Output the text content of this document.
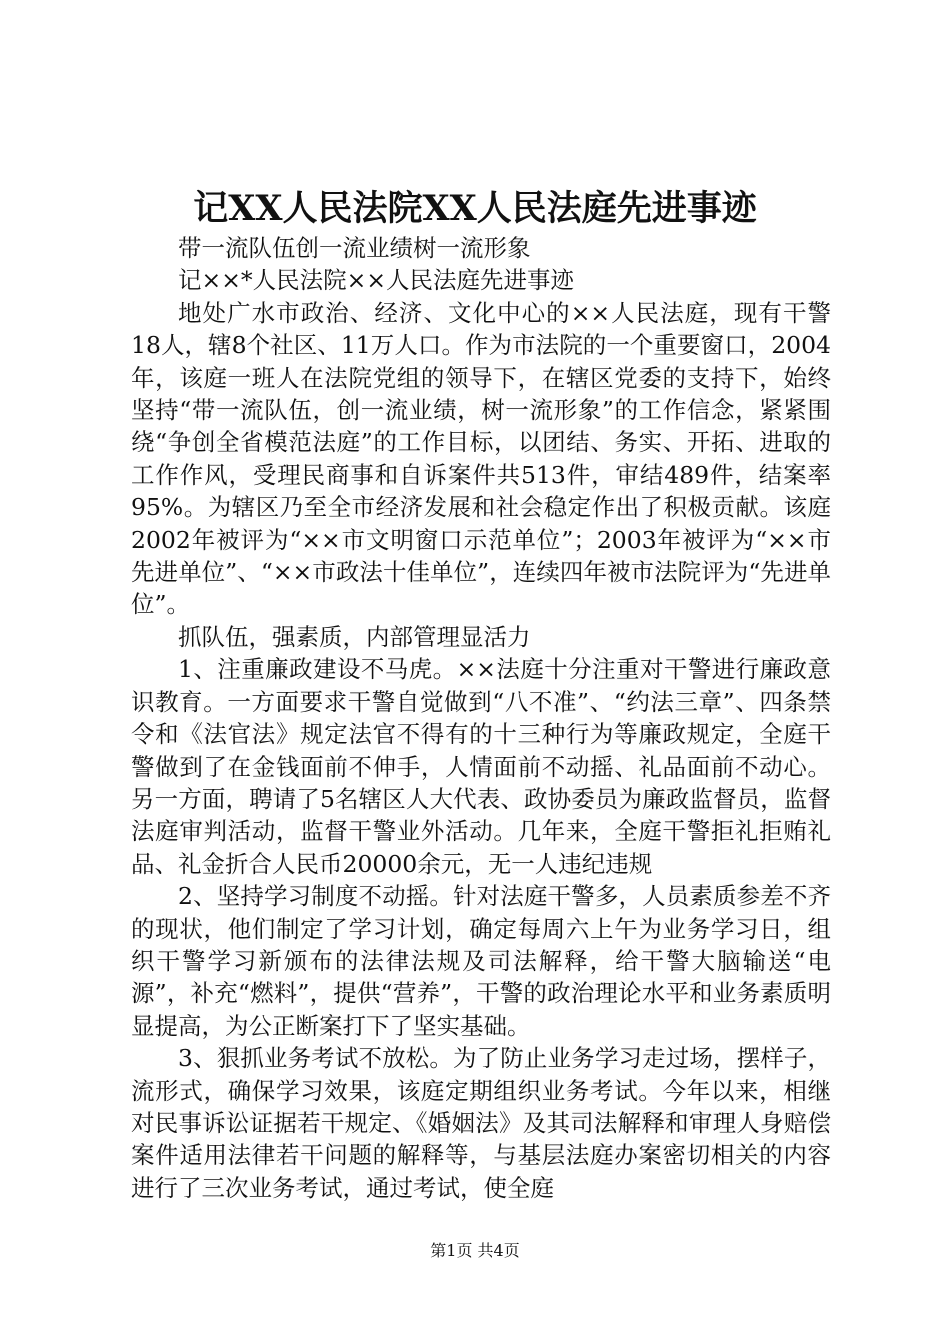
记XX人民法院XX人民法庭先进事迹

带一流队伍创一流业绩树一流形象

记××*人民法院××人民法庭先进事迹

地处广水市政治、经济、文化中心的××人民法庭，现有干警18人，辖8个社区、11万人口。作为市法院的一个重要窗口，2004年，该庭一班人在法院党组的领导下，在辖区党委的支持下，始终坚持“带一流队伍，创一流业绩，树一流形象”的工作信念，紧紧围绕“争创全省模范法庭”的工作目标，以团结、务实、开拓、进取的工作作风，受理民商事和自诉案件共513件，审结489件，结案率95%。为辖区乃至全市经济发展和社会稳定作出了积极贡献。该庭2002年被评为“××市文明窗口示范单位”；2003年被评为“××市先进单位”、“××市政法十佳单位”，连续四年被市法院评为“先进单位”。

抓队伍，强素质，内部管理显活力

1、注重廉政建设不马虎。××法庭十分注重对干警进行廉政意识教育。一方面要求干警自觉做到“八不准”、“约法三章”、四条禁令和《法官法》规定法官不得有的十三种行为等廉政规定，全庭干警做到了在金钱面前不伸手，人情面前不动摇、礼品面前不动心。另一方面，聘请了5名辖区人大代表、政协委员为廉政监督员，监督法庭审判活动，监督干警业外活动。几年来，全庭干警拒礼拒贿礼品、礼金折合人民币20000余元，无一人违纪违规

2、坚持学习制度不动摇。针对法庭干警多，人员素质参差不齐的现状，他们制定了学习计划，确定每周六上午为业务学习日，组织干警学习新颁布的法律法规及司法解释，给干警大脑输送“电源”，补充“燃料”，提供“营养”，干警的政治理论水平和业务素质明显提高，为公正断案打下了坚实基础。

3、狠抓业务考试不放松。为了防止业务学习走过场，摆样子，流形式，确保学习效果，该庭定期组织业务考试。今年以来，相继对民事诉讼证据若干规定、《婚姻法》及其司法解释和审理人身赔偿案件适用法律若干问题的解释等，与基层法庭办案密切相关的内容进行了三次业务考试，通过考试，使全庭

第1页 共4页
